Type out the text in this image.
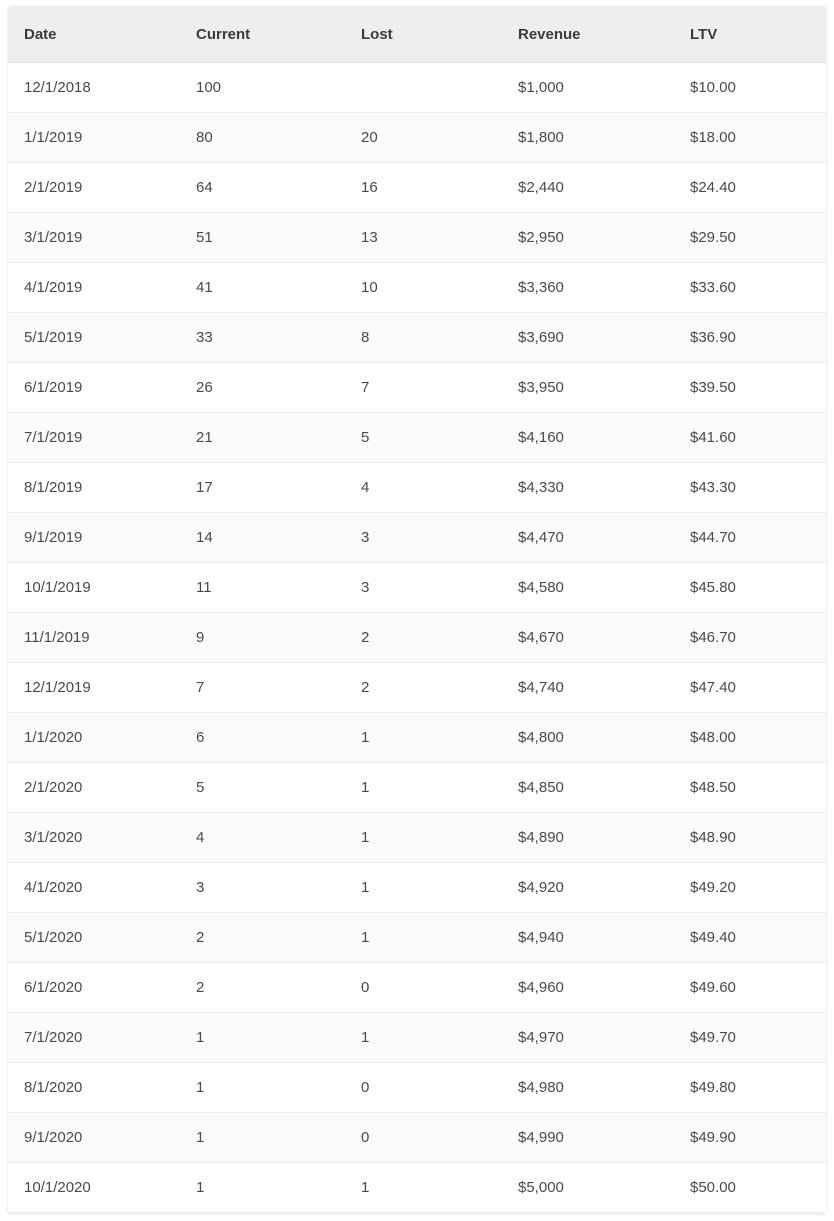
Date	Current	Lost	Revenue	LTV
12/1/2018	100		$1,000	$10.00
1/1/2019	80	20	$1,800	$18.00
2/1/2019	64	16	$2,440	$24.40
3/1/2019	51	13	$2,950	$29.50
4/1/2019	41	10	$3,360	$33.60
5/1/2019	33	8	$3,690	$36.90
6/1/2019	26	7	$3,950	$39.50
7/1/2019	21	5	$4,160	$41.60
8/1/2019	17	4	$4,330	$43.30
9/1/2019	14	3	$4,470	$44.70
10/1/2019	11	3	$4,580	$45.80
11/1/2019	9	2	$4,670	$46.70
12/1/2019	7	2	$4,740	$47.40
1/1/2020	6	1	$4,800	$48.00
2/1/2020	5	1	$4,850	$48.50
3/1/2020	4	1	$4,890	$48.90
4/1/2020	3	1	$4,920	$49.20
5/1/2020	2	1	$4,940	$49.40
6/1/2020	2	0	$4,960	$49.60
7/1/2020	1	1	$4,970	$49.70
8/1/2020	1	0	$4,980	$49.80
9/1/2020	1	0	$4,990	$49.90
10/1/2020	1	1	$5,000	$50.00
